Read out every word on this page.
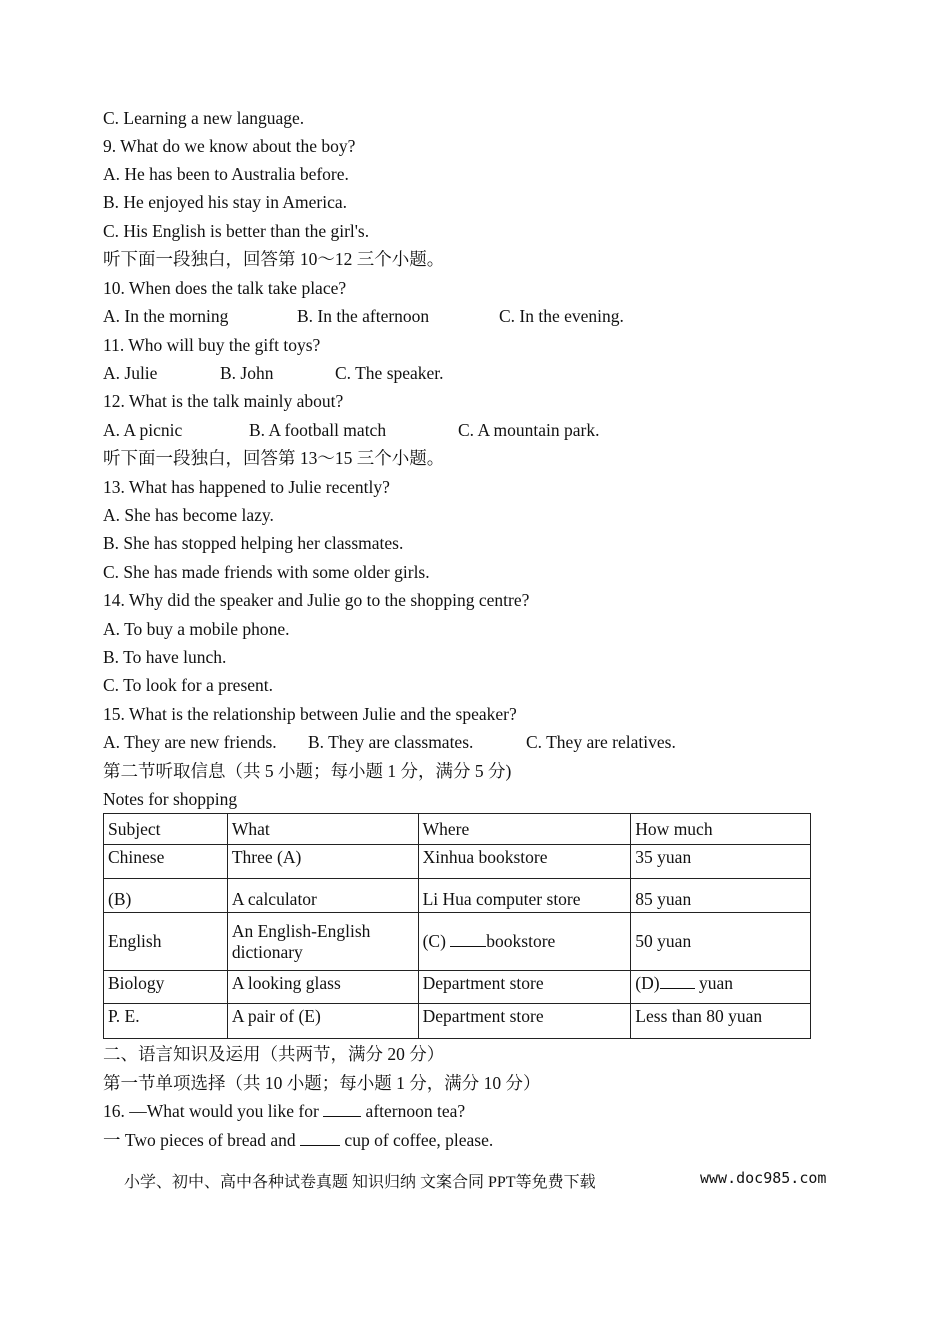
C. Learning a new language.
9. What do we know about the boy?
A. He has been to Australia before.
B. He enjoyed his stay in America.
C. His English is better than the girl's.
听下面一段独白，回答第 10～12 三个小题。
10. When does the talk take place?
A. In the morning	B. In the afternoon	C. In the evening.
11. Who will buy the gift toys?
A. Julie	B. John	C. The speaker.
12. What is the talk mainly about?
A. A picnic	B. A football match	C. A mountain park.
听下面一段独白，回答第 13～15 三个小题。
13. What has happened to Julie recently?
A. She has become lazy.
B. She has stopped helping her classmates.
C. She has made friends with some older girls.
14. Why did the speaker and Julie go to the shopping centre?
A. To buy a mobile phone.
B. To have lunch.
C. To look for a present.
15. What is the relationship between Julie and the speaker?
A. They are new friends. B. They are classmates.	C. They are relatives.
第二节听取信息（共 5 小题；每小题 1 分，满分 5 分)
Notes for shopping
Subject	What	Where	How much
Chinese	Three (A)	Xinhua bookstore	35 yuan
(B)	A calculator	Li Hua computer store	85 yuan
English	An English-English dictionary	(C) bookstore	50 yuan
Biology	A looking glass	Department store	(D) yuan
P. E.	A pair of (E)	Department store	Less than 80 yuan
二、语言知识及运用（共两节，满分 20 分）
第一节单项选择（共 10 小题；每小题 1 分，满分 10 分）
16. —What would you like for  afternoon tea?
一 Two pieces of bread and  cup of coffee, please.
小学、初中、高中各种试卷真题 知识归纳 文案合同 PPT等免费下载	www.doc985.com
